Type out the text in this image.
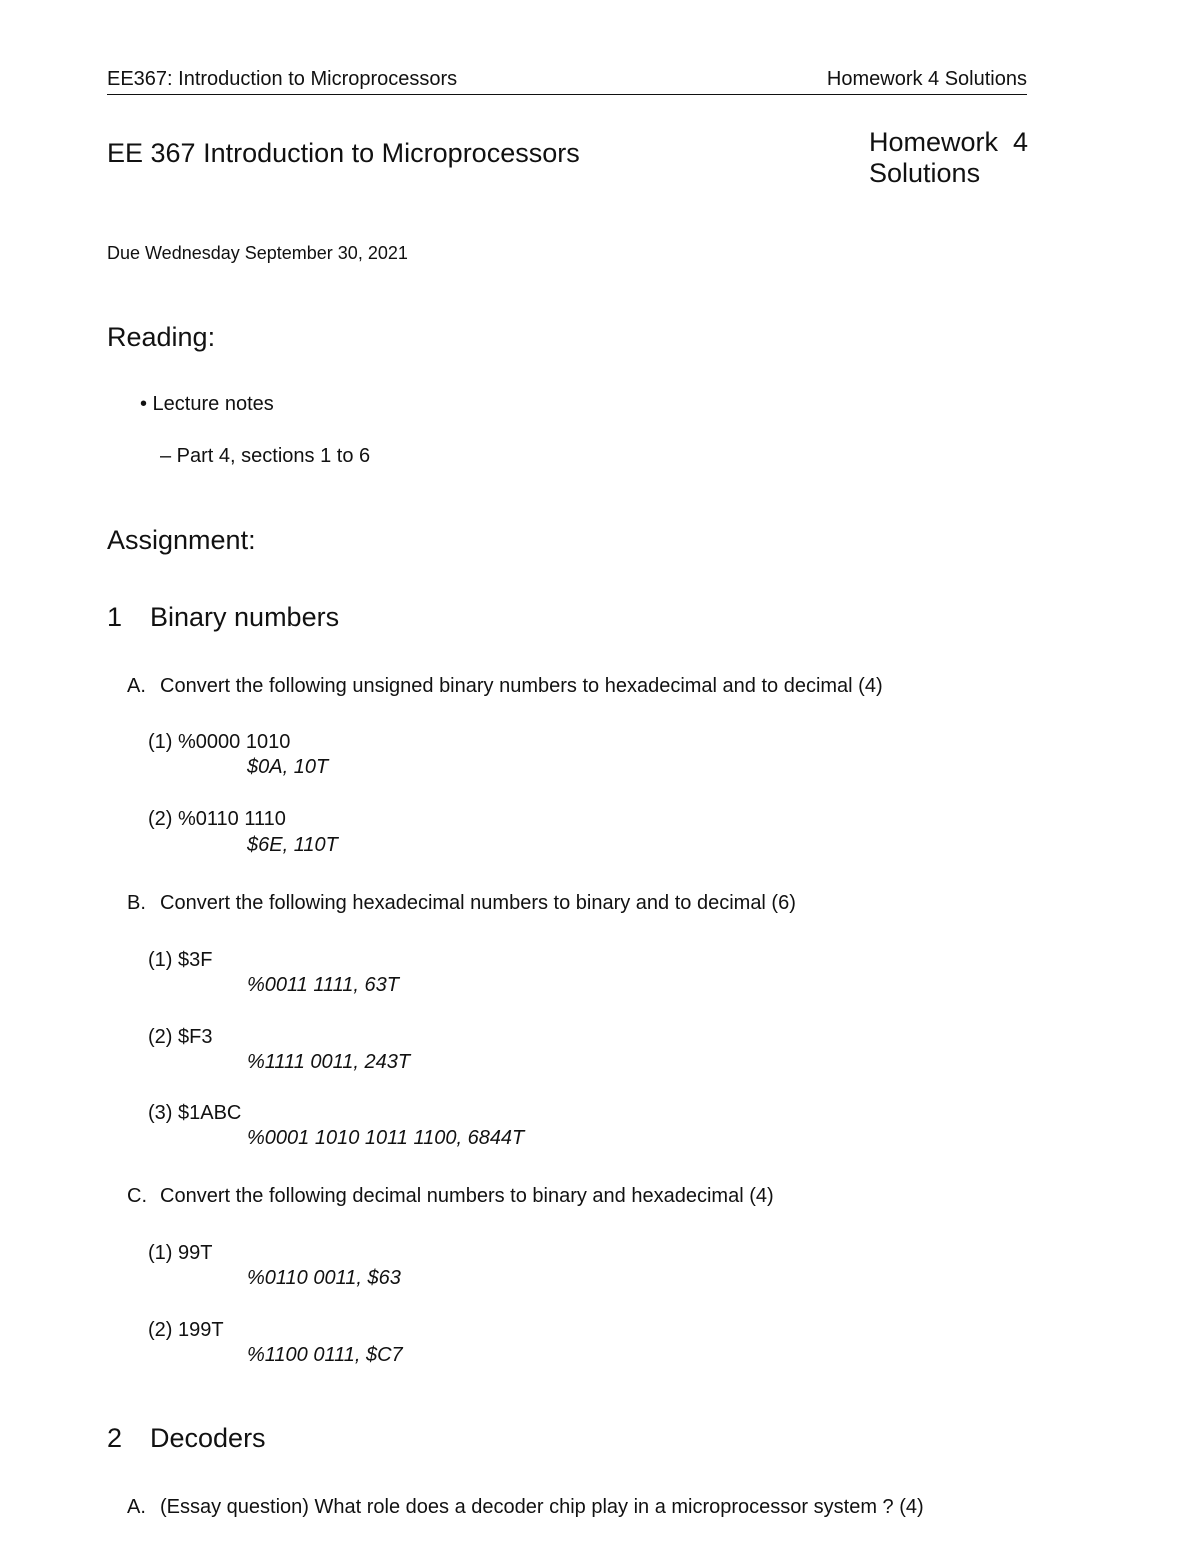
EE367: Introduction to Microprocessors	Homework 4 Solutions
EE 367 Introduction to Microprocessors	Homework  4
Solutions
Due Wednesday September 30, 2021
Reading:
• Lecture notes
– Part 4, sections 1 to 6
Assignment:
1 Binary numbers
A. Convert the following unsigned binary numbers to hexadecimal and to decimal (4)
(1) %0000 1010
$0A, 10T
(2) %0110 1110
$6E, 110T
B. Convert the following hexadecimal numbers to binary and to decimal (6)
(1) $3F
%0011 1111, 63T
(2) $F3
%1111 0011, 243T
(3) $1ABC
%0001 1010 1011 1100, 6844T
C. Convert the following decimal numbers to binary and hexadecimal (4)
(1) 99T
%0110 0011, $63
(2) 199T
%1100 0111, $C7
2 Decoders
A. (Essay question) What role does a decoder chip play in a microprocessor system ? (4)
